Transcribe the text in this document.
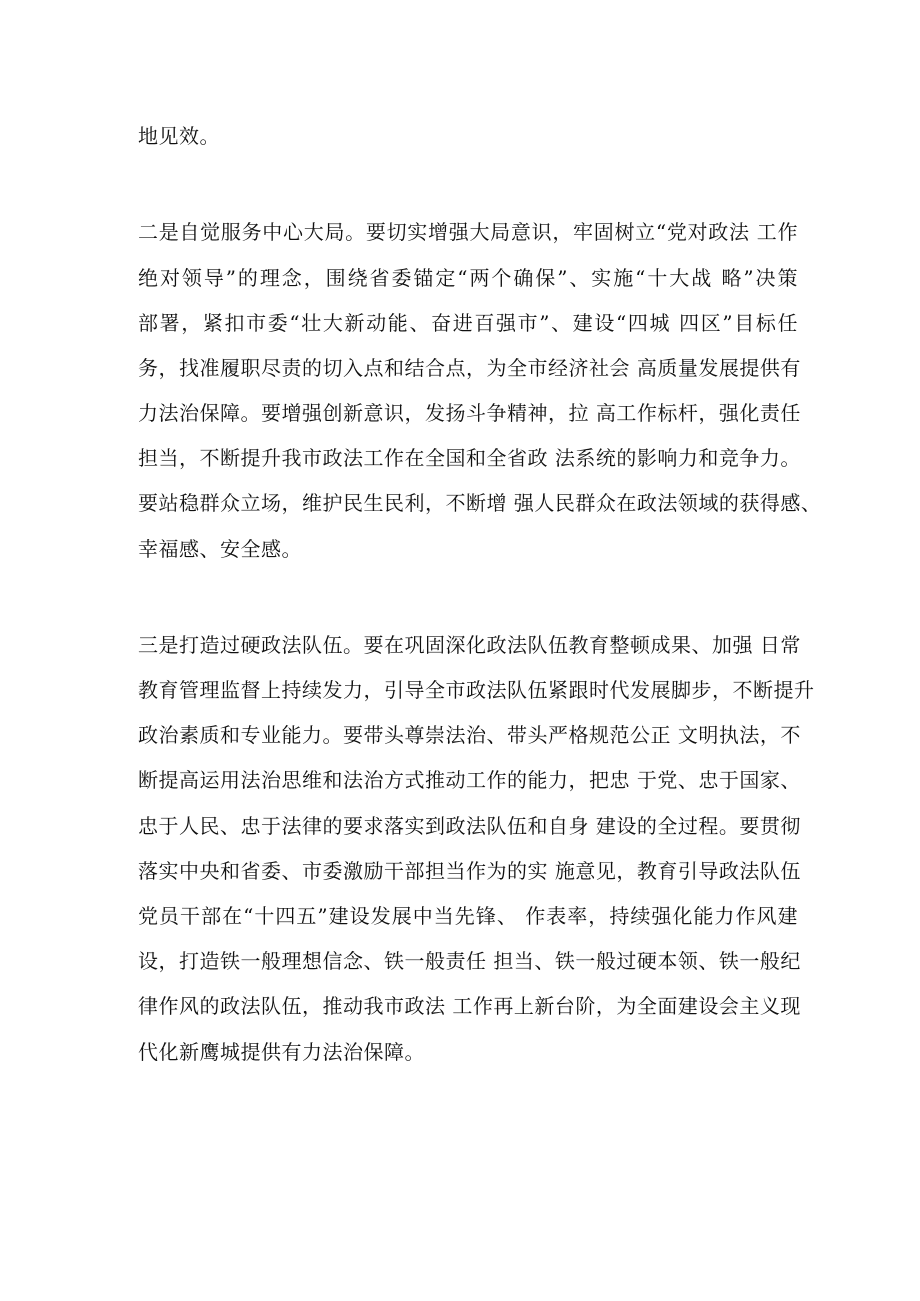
地见效。
二是自觉服务中心大局。要切实增强大局意识，牢固树立“党对政法 工作
绝对领导”的理念，围绕省委锚定“两个确保”、实施“十大战 略”决策
部署，紧扣市委“壮大新动能、奋进百强市”、建设“四城 四区”目标任
务，找准履职尽责的切入点和结合点，为全市经济社会 高质量发展提供有
力法治保障。要增强创新意识，发扬斗争精神，拉 高工作标杆，强化责任
担当，不断提升我市政法工作在全国和全省政 法系统的影响力和竞争力。
要站稳群众立场，维护民生民利，不断增 强人民群众在政法领域的获得感、
幸福感、安全感。
三是打造过硬政法队伍。要在巩固深化政法队伍教育整顿成果、加强 日常
教育管理监督上持续发力，引导全市政法队伍紧跟时代发展脚步，不断提升
政治素质和专业能力。要带头尊崇法治、带头严格规范公正 文明执法，不
断提高运用法治思维和法治方式推动工作的能力，把忠 于党、忠于国家、
忠于人民、忠于法律的要求落实到政法队伍和自身 建设的全过程。要贯彻
落实中央和省委、市委激励干部担当作为的实 施意见，教育引导政法队伍
党员干部在“十四五”建设发展中当先锋、 作表率，持续强化能力作风建
设，打造铁一般理想信念、铁一般责任 担当、铁一般过硬本领、铁一般纪
律作风的政法队伍，推动我市政法 工作再上新台阶，为全面建设会主义现
代化新鹰城提供有力法治保障。
